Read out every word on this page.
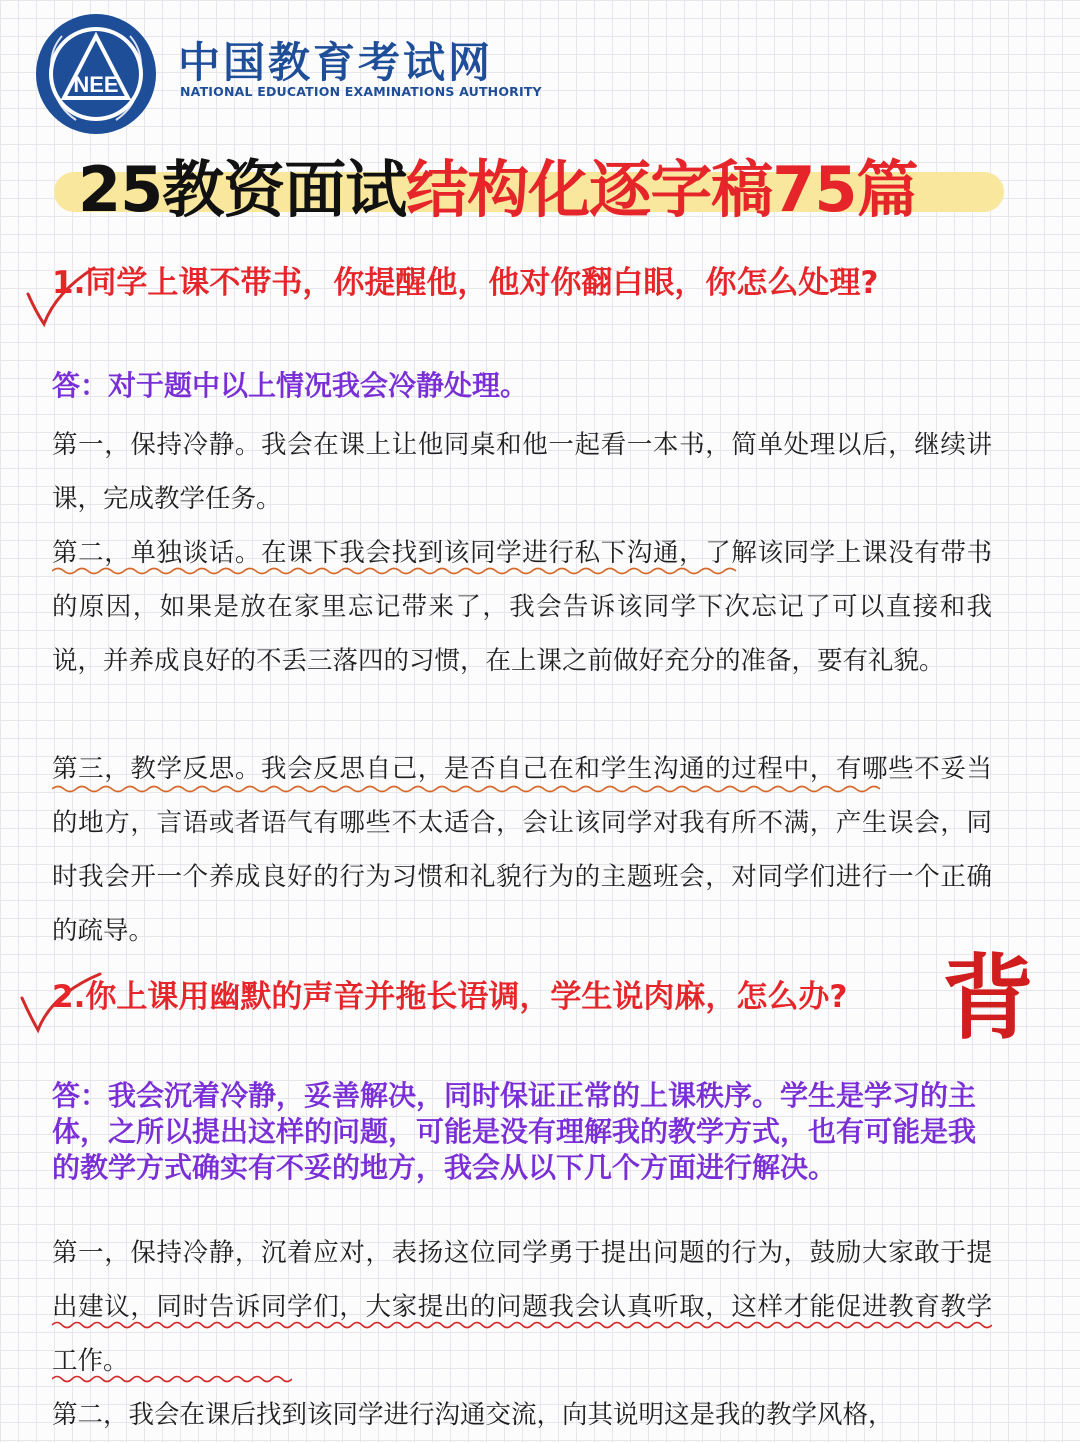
NEE 中国教育考试网
NATIONAL EDUCATION EXAMINATIONS AUTHORITY
25教资面试结构化逐字稿75篇
1.同学上课不带书，你提醒他，他对你翻白眼，你怎么处理?
答：对于题中以上情况我会冷静处理。
第一，保持冷静。我会在课上让他同桌和他一起看一本书，简单处理以后，继续讲课，完成教学任务。
第二，单独谈话。在课下我会找到该同学进行私下沟通，了解该同学上课没有带书的原因，如果是放在家里忘记带来了，我会告诉该同学下次忘记了可以直接和我说，并养成良好的不丢三落四的习惯，在上课之前做好充分的准备，要有礼貌。
第三，教学反思。我会反思自己，是否自己在和学生沟通的过程中，有哪些不妥当的地方，言语或者语气有哪些不太适合，会让该同学对我有所不满，产生误会，同时我会开一个养成良好的行为习惯和礼貌行为的主题班会，对同学们进行一个正确的疏导。
2.你上课用幽默的声音并拖长语调，学生说肉麻，怎么办?	背
答：我会沉着冷静，妥善解决，同时保证正常的上课秩序。学生是学习的主体，之所以提出这样的问题，可能是没有理解我的教学方式，也有可能是我的教学方式确实有不妥的地方，我会从以下几个方面进行解决。
第一，保持冷静，沉着应对，表扬这位同学勇于提出问题的行为，鼓励大家敢于提出建议，同时告诉同学们，大家提出的问题我会认真听取，这样才能促进教育教学工作。
第二，我会在课后找到该同学进行沟通交流，向其说明这是我的教学风格，
